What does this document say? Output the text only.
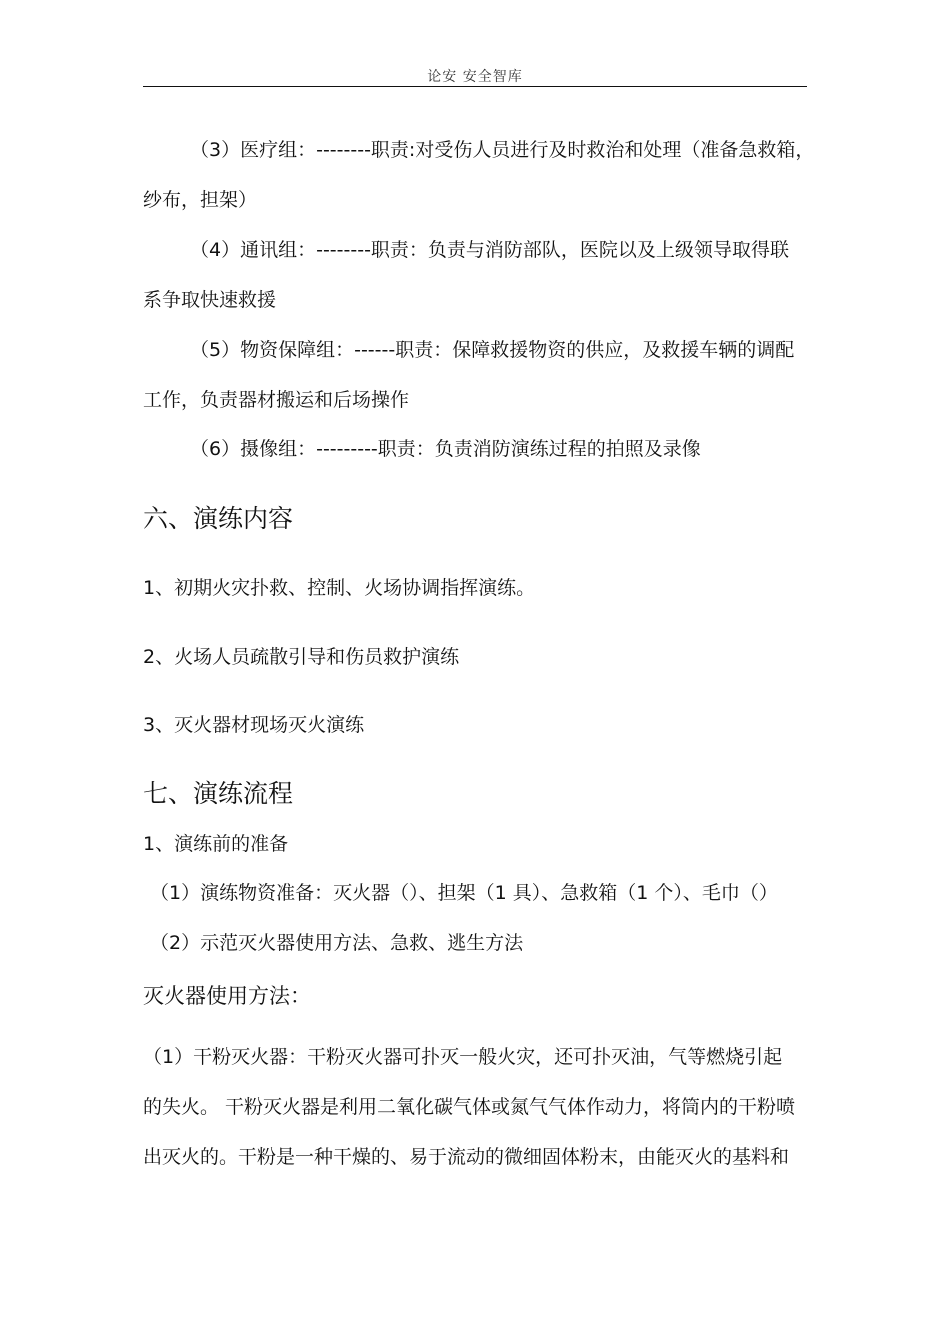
论安 安全智库
（3）医疗组：--------职责:对受伤人员进行及时救治和处理（准备急救箱，
纱布，担架）
（4）通讯组：--------职责：负责与消防部队，医院以及上级领导取得联
系争取快速救援
（5）物资保障组：------职责：保障救援物资的供应，及救援车辆的调配
工作，负责器材搬运和后场操作
（6）摄像组：---------职责：负责消防演练过程的拍照及录像
六、演练内容
1、初期火灾扑救、控制、火场协调指挥演练。
2、火场人员疏散引导和伤员救护演练
3、灭火器材现场灭火演练
七、演练流程
1、演练前的准备
（1）演练物资准备：灭火器（）、担架（1 具）、急救箱（1 个）、毛巾（）
（2）示范灭火器使用方法、急救、逃生方法
灭火器使用方法：
（1）干粉灭火器：干粉灭火器可扑灭一般火灾，还可扑灭油，气等燃烧引起
的失火。 干粉灭火器是利用二氧化碳气体或氮气气体作动力，将筒内的干粉喷
出灭火的。干粉是一种干燥的、易于流动的微细固体粉末，由能灭火的基料和
